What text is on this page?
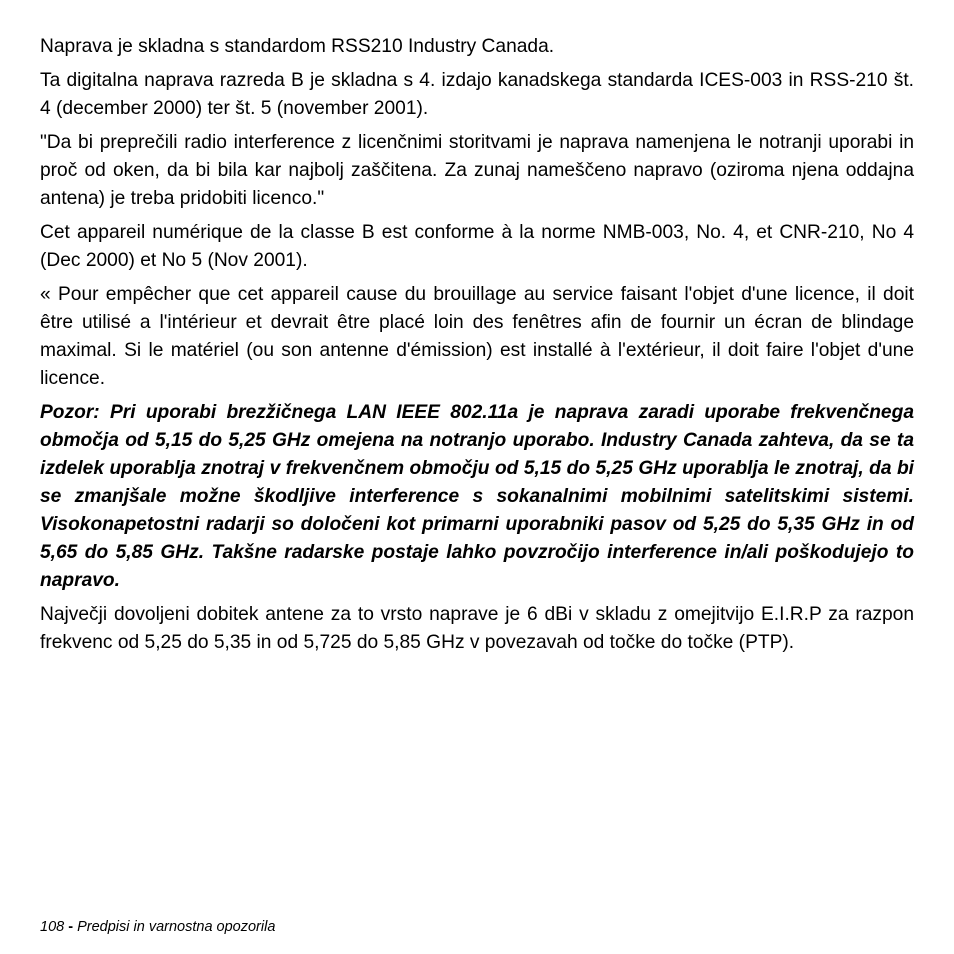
Naprava je skladna s standardom RSS210 Industry Canada.

Ta digitalna naprava razreda B je skladna s 4. izdajo kanadskega standarda ICES-003 in RSS-210 št. 4 (december 2000) ter št. 5 (november 2001).

"Da bi preprečili radio interference z licenčnimi storitvami je naprava namenjena le notranji uporabi in proč od oken, da bi bila kar najbolj zaščitena. Za zunaj nameščeno napravo (oziroma njena oddajna antena) je treba pridobiti licenco."

Cet appareil numérique de la classe B est conforme à la norme NMB-003, No. 4, et CNR-210, No 4 (Dec 2000) et No 5 (Nov 2001).

« Pour empêcher que cet appareil cause du brouillage au service faisant l'objet d'une licence, il doit être utilisé a l'intérieur et devrait être placé loin des fenêtres afin de fournir un écran de blindage maximal. Si le matériel (ou son antenne d'émission) est installé à l'extérieur, il doit faire l'objet d'une licence.

Pozor: Pri uporabi brezžičnega LAN IEEE 802.11a je naprava zaradi uporabe frekvenčnega območja od 5,15 do 5,25 GHz omejena na notranjo uporabo. Industry Canada zahteva, da se ta izdelek uporablja znotraj v frekvenčnem območju od 5,15 do 5,25 GHz uporablja le znotraj, da bi se zmanjšale možne škodljive interference s sokanalnimi mobilnimi satelitskimi sistemi. Visokonapetostni radarji so določeni kot primarni uporabniki pasov od 5,25 do 5,35 GHz in od 5,65 do 5,85 GHz. Takšne radarske postaje lahko povzročijo interference in/ali poškodujejo to napravo.

Največji dovoljeni dobitek antene za to vrsto naprave je 6 dBi v skladu z omejitvijo E.I.R.P za razpon frekvenc od 5,25 do 5,35 in od 5,725 do 5,85 GHz v povezavah od točke do točke (PTP).

108 - Predpisi in varnostna opozorila
